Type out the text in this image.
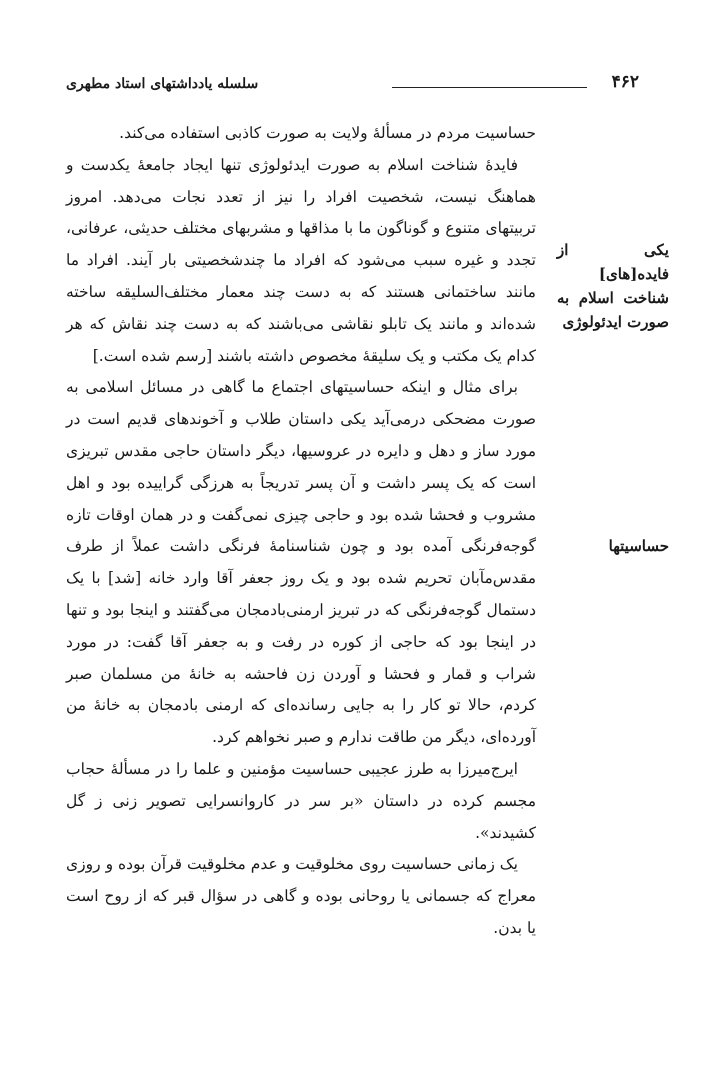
۴۶۲
سلسله یادداشتهای استاد مطهری
یکی از فایده[های] شناخت اسلام به صورت ایدئولوژی
حساسیتها

حساسیت مردم در مسألهٔ ولایت به صورت کاذبی استفاده می‌کند.

فایدهٔ شناخت اسلام به صورت ایدئولوژی تنها ایجاد جامعهٔ یکدست و هماهنگ نیست، شخصیت افراد را نیز از تعدد نجات می‌دهد. امروز تربیتهای متنوع و گوناگون ما با مذاقها و مشربهای مختلف حدیثی، عرفانی، تجدد و غیره سبب می‌شود که افراد ما چندشخصیتی بار آیند. افراد ما مانند ساختمانی هستند که به دست چند معمار مختلف‌السلیقه ساخته شده‌اند و مانند یک تابلو نقاشی می‌باشند که به دست چند نقاش که هر کدام یک مکتب و یک سلیقهٔ مخصوص داشته باشند [رسم شده است.]

برای مثال و اینکه حساسیتهای اجتماع ما گاهی در مسائل اسلامی به صورت مضحکی درمی‌آید یکی داستان طلاب و آخوندهای قدیم است در مورد ساز و دهل و دایره در عروسیها، دیگر داستان حاجی مقدس تبریزی است که یک پسر داشت و آن پسر تدریجاً به هرزگی گراییده بود و اهل مشروب و فحشا شده بود و حاجی چیزی نمی‌گفت و در همان اوقات تازه گوجه‌فرنگی آمده بود و چون شناسنامهٔ فرنگی داشت عملاً از طرف مقدس‌مآبان تحریم شده بود و یک روز جعفر آقا وارد خانه [شد] با یک دستمال گوجه‌فرنگی که در تبریز ارمنی‌بادمجان می‌گفتند و اینجا بود و تنها در اینجا بود که حاجی از کوره در رفت و به جعفر آقا گفت: در مورد شراب و قمار و فحشا و آوردن زن فاحشه به خانهٔ من مسلمان صبر کردم، حالا تو کار را به جایی رسانده‌ای که ارمنی بادمجان به خانهٔ من آورده‌ای، دیگر من طاقت ندارم و صبر نخواهم کرد.

ایرج‌میرزا به طرز عجیبی حساسیت مؤمنین و علما را در مسألهٔ حجاب مجسم کرده در داستان «بر سر در کاروانسرایی تصویر زنی ز گل کشیدند».

یک زمانی حساسیت روی مخلوقیت و عدم مخلوقیت قرآن بوده و روزی معراج که جسمانی یا روحانی بوده و گاهی در سؤال قبر که از روح است یا بدن.
